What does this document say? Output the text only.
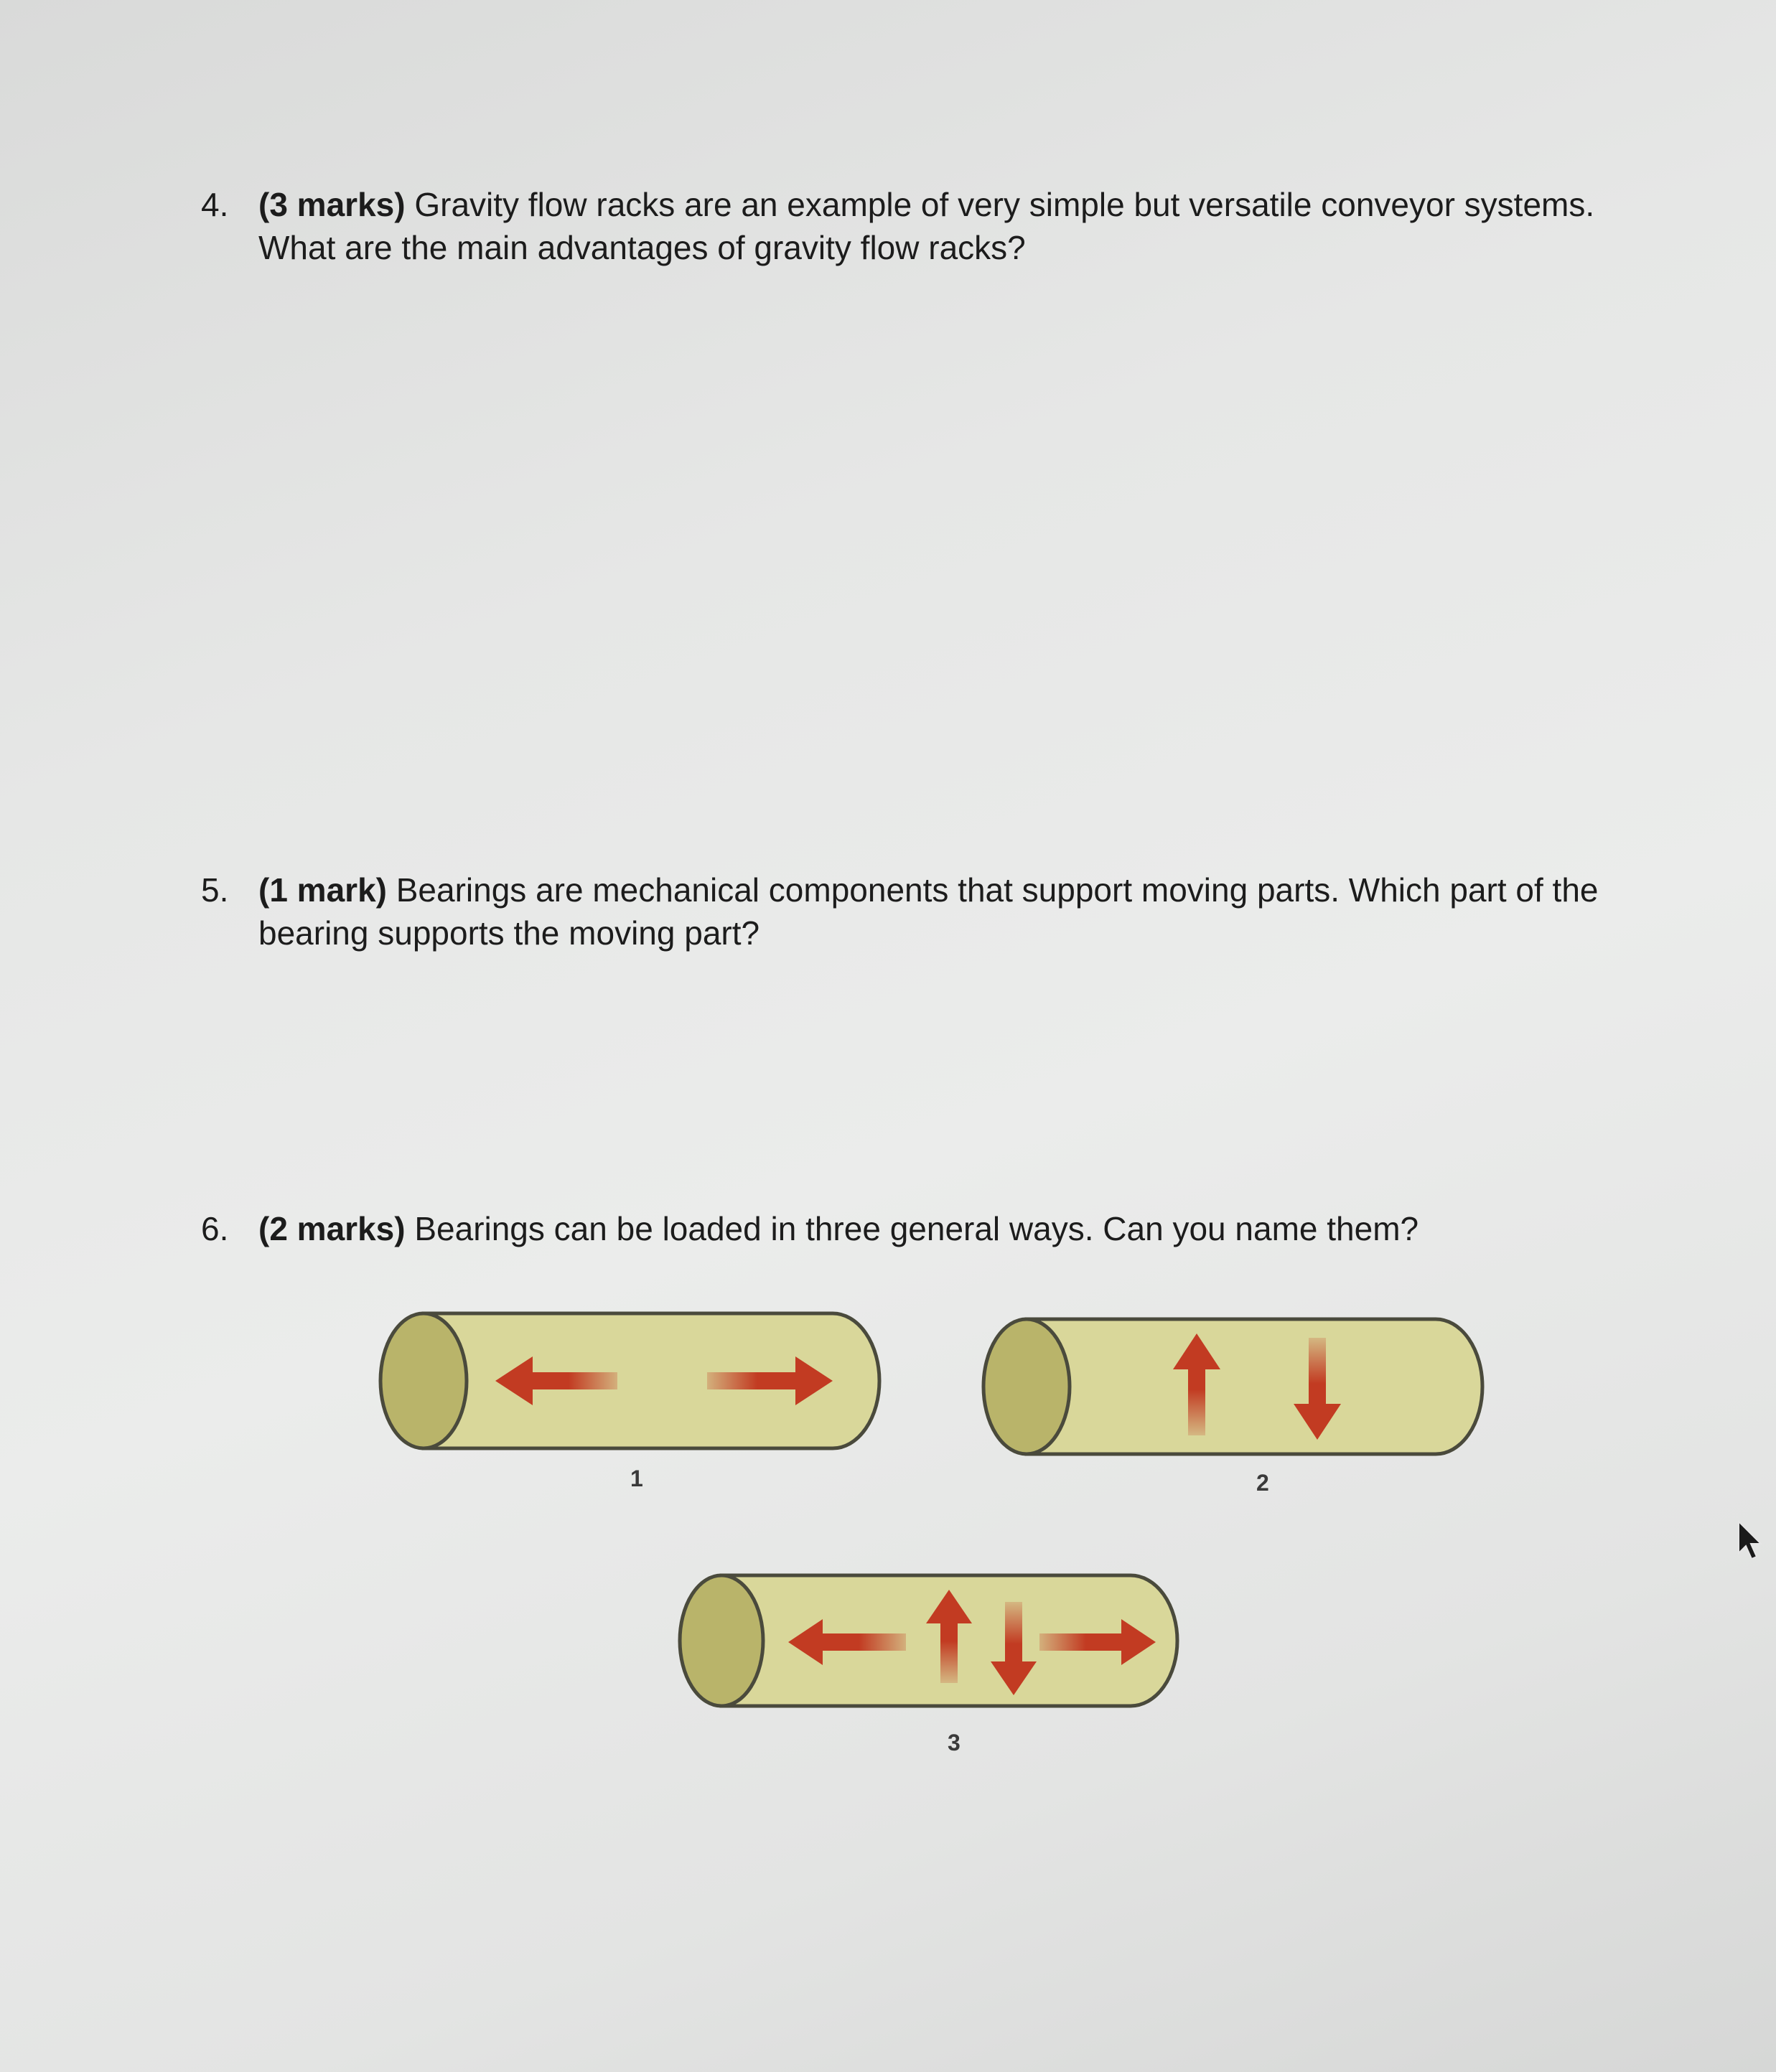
4. (3 marks) Gravity flow racks are an example of very simple but versatile conveyor systems. What are the main advantages of gravity flow racks?
5. (1 mark) Bearings are mechanical components that support moving parts. Which part of the bearing supports the moving part?
6. (2 marks) Bearings can be loaded in three general ways. Can you name them?
1	2
3
